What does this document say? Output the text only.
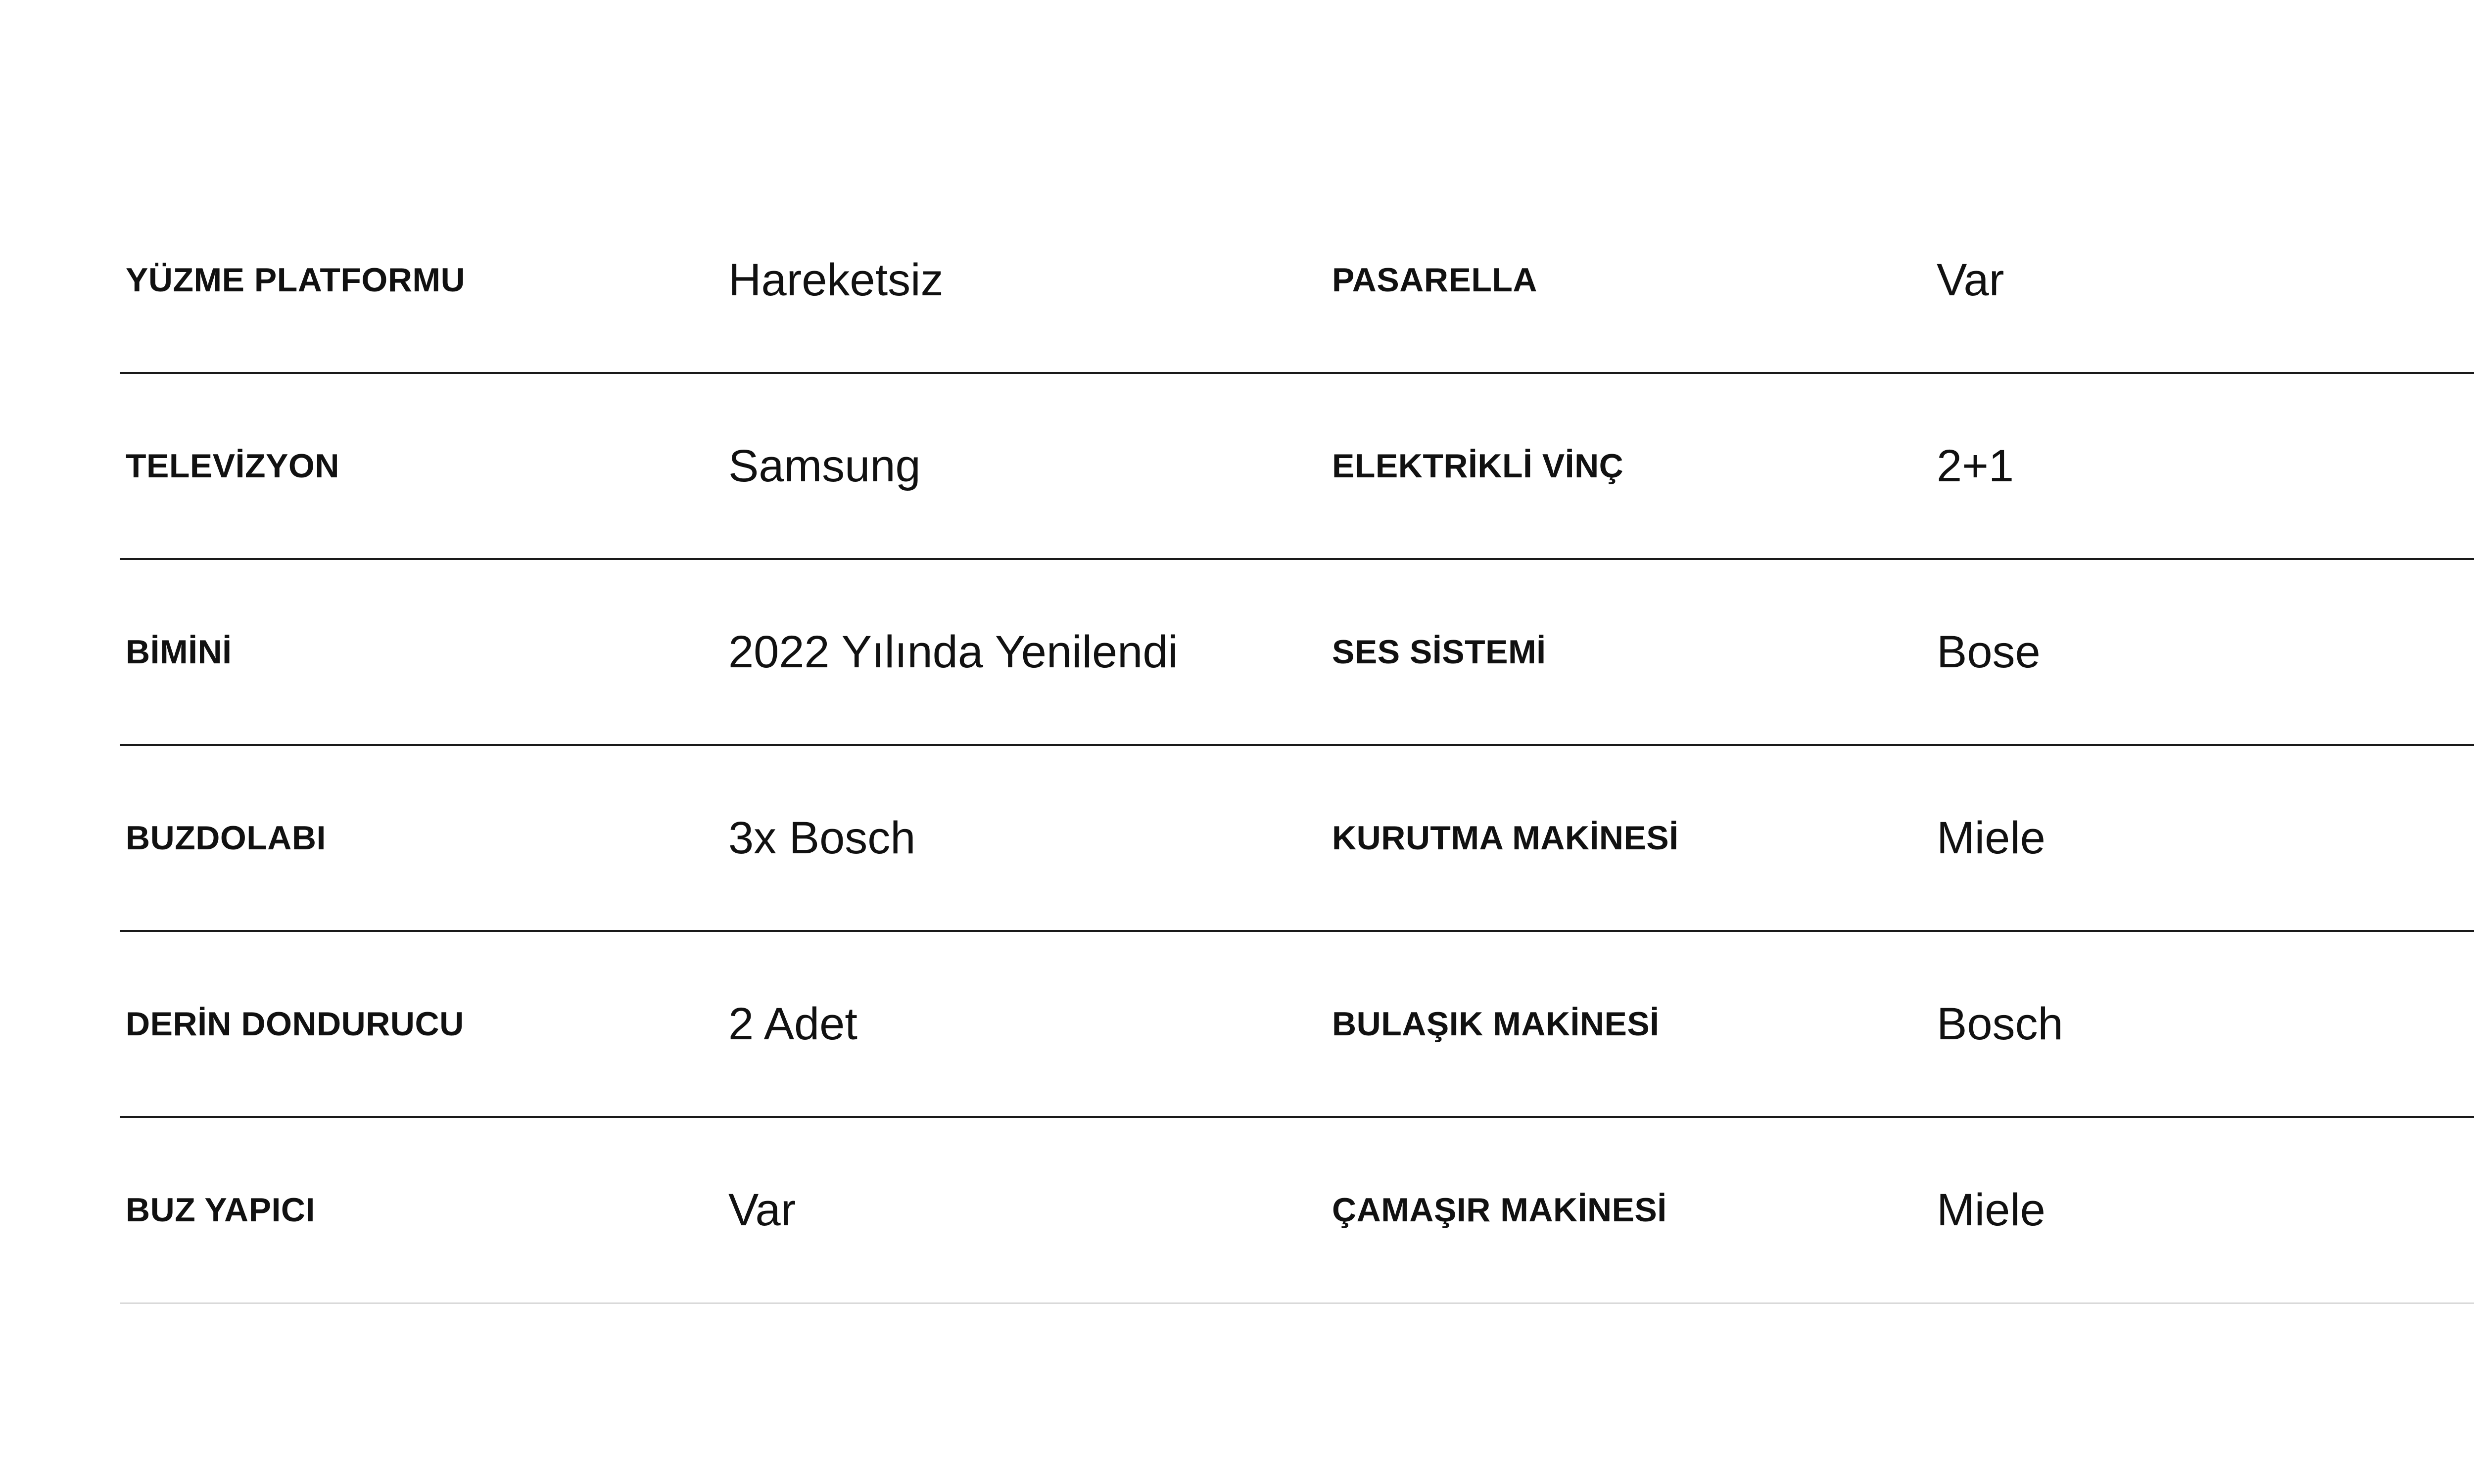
YÜZME PLATFORMU	Hareketsiz	PASARELLA	Var
TELEVİZYON	Samsung	ELEKTRİKLİ VİNÇ	2+1
BİMİNİ	2022 Yılında Yenilendi	SES SİSTEMİ	Bose
BUZDOLABI	3x Bosch	KURUTMA MAKİNESİ	Miele
DERİN DONDURUCU	2 Adet	BULAŞIK MAKİNESİ	Bosch
BUZ YAPICI	Var	ÇAMAŞIR MAKİNESİ	Miele
